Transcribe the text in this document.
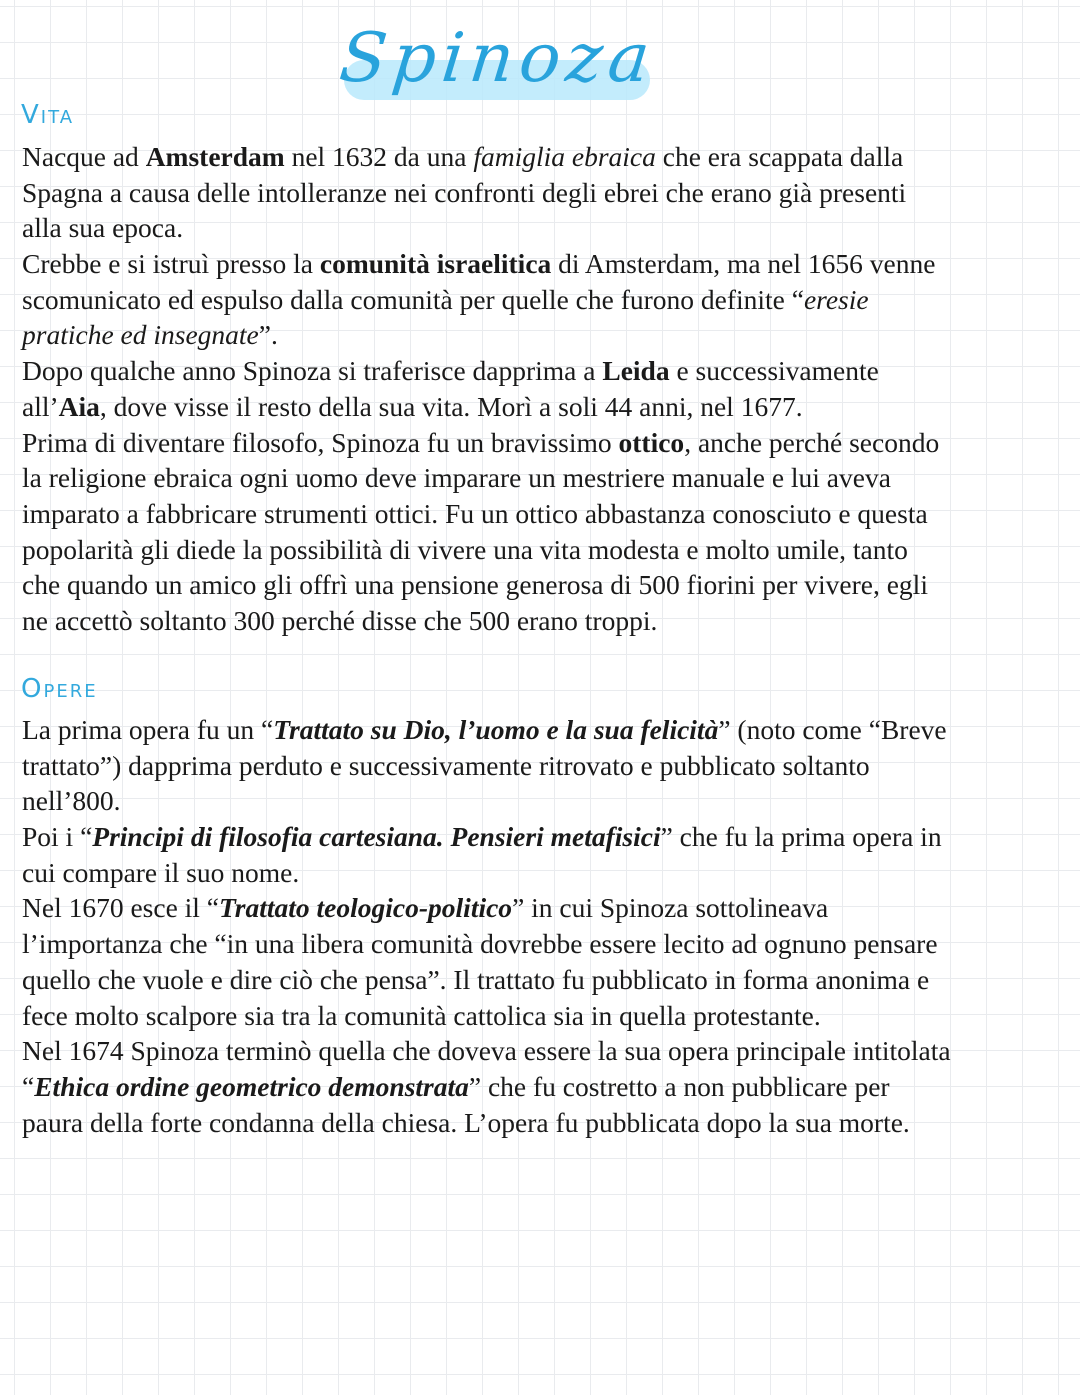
Spinoza
Vita
Nacque ad Amsterdam nel 1632 da una famiglia ebraica che era scappata dalla
Spagna a causa delle intolleranze nei confronti degli ebrei che erano già presenti
alla sua epoca.
Crebbe e si istruì presso la comunità israelitica di Amsterdam, ma nel 1656 venne
scomunicato ed espulso dalla comunità per quelle che furono definite “eresie
pratiche ed insegnate”.
Dopo qualche anno Spinoza si traferisce dapprima a Leida e successivamente
all’Aia, dove visse il resto della sua vita. Morì a soli 44 anni, nel 1677.
Prima di diventare filosofo, Spinoza fu un bravissimo ottico, anche perché secondo
la religione ebraica ogni uomo deve imparare un mestriere manuale e lui aveva
imparato a fabbricare strumenti ottici. Fu un ottico abbastanza conosciuto e questa
popolarità gli diede la possibilità di vivere una vita modesta e molto umile, tanto
che quando un amico gli offrì una pensione generosa di 500 fiorini per vivere, egli
ne accettò soltanto 300 perché disse che 500 erano troppi.
Opere
La prima opera fu un “Trattato su Dio, l’uomo e la sua felicità” (noto come “Breve
trattato”) dapprima perduto e successivamente ritrovato e pubblicato soltanto
nell’800.
Poi i “Principi di filosofia cartesiana. Pensieri metafisici” che fu la prima opera in
cui compare il suo nome.
Nel 1670 esce il “Trattato teologico-politico” in cui Spinoza sottolineava
l’importanza che “in una libera comunità dovrebbe essere lecito ad ognuno pensare
quello che vuole e dire ciò che pensa”. Il trattato fu pubblicato in forma anonima e
fece molto scalpore sia tra la comunità cattolica sia in quella protestante.
Nel 1674 Spinoza terminò quella che doveva essere la sua opera principale intitolata
“Ethica ordine geometrico demonstrata” che fu costretto a non pubblicare per
paura della forte condanna della chiesa. L’opera fu pubblicata dopo la sua morte.
